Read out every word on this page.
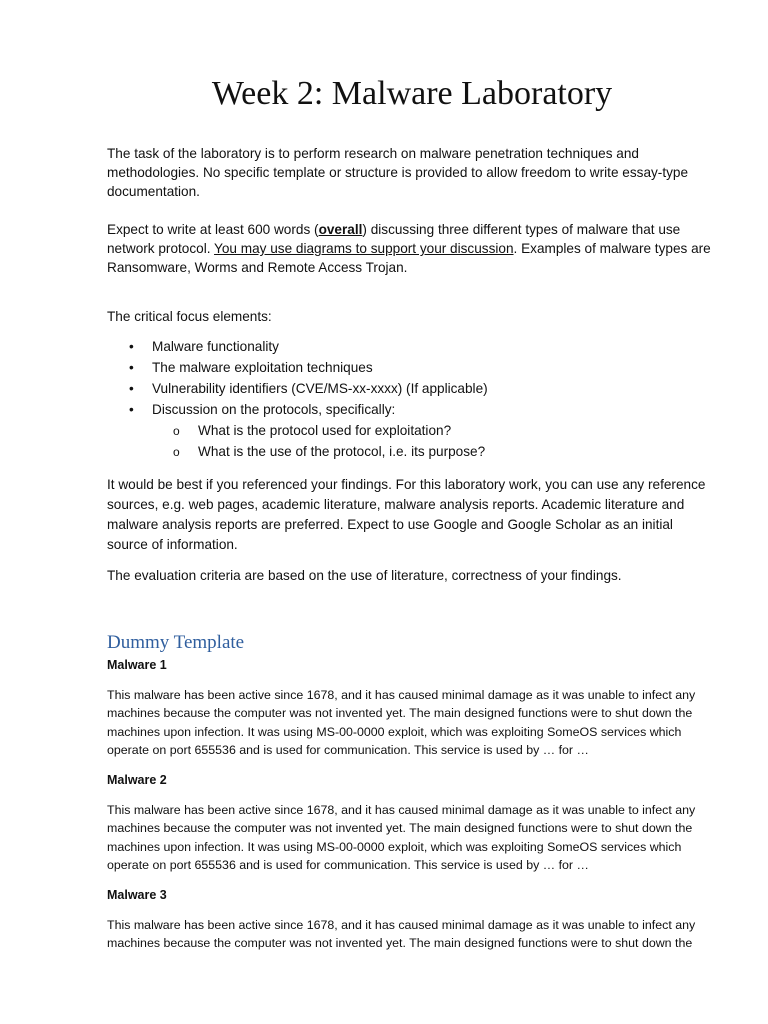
Week 2: Malware Laboratory

The task of the laboratory is to perform research on malware penetration techniques and methodologies. No specific template or structure is provided to allow freedom to write essay-type documentation.

Expect to write at least 600 words (overall) discussing three different types of malware that use network protocol. You may use diagrams to support your discussion. Examples of malware types are Ransomware, Worms and Remote Access Trojan.

The critical focus elements:

•	Malware functionality
•	The malware exploitation techniques
•	Vulnerability identifiers (CVE/MS-xx-xxxx) (If applicable)
•	Discussion on the protocols, specifically:
o What is the protocol used for exploitation?
o What is the use of the protocol, i.e. its purpose?

It would be best if you referenced your findings. For this laboratory work, you can use any reference sources, e.g. web pages, academic literature, malware analysis reports. Academic literature and malware analysis reports are preferred. Expect to use Google and Google Scholar as an initial source of information.

The evaluation criteria are based on the use of literature, correctness of your findings.

Dummy Template

Malware 1

This malware has been active since 1678, and it has caused minimal damage as it was unable to infect any machines because the computer was not invented yet. The main designed functions were to shut down the machines upon infection. It was using MS-00-0000 exploit, which was exploiting SomeOS services which operate on port 655536 and is used for communication. This service is used by … for …

Malware 2

This malware has been active since 1678, and it has caused minimal damage as it was unable to infect any machines because the computer was not invented yet. The main designed functions were to shut down the machines upon infection. It was using MS-00-0000 exploit, which was exploiting SomeOS services which operate on port 655536 and is used for communication. This service is used by … for …

Malware 3

This malware has been active since 1678, and it has caused minimal damage as it was unable to infect any machines because the computer was not invented yet. The main designed functions were to shut down the
